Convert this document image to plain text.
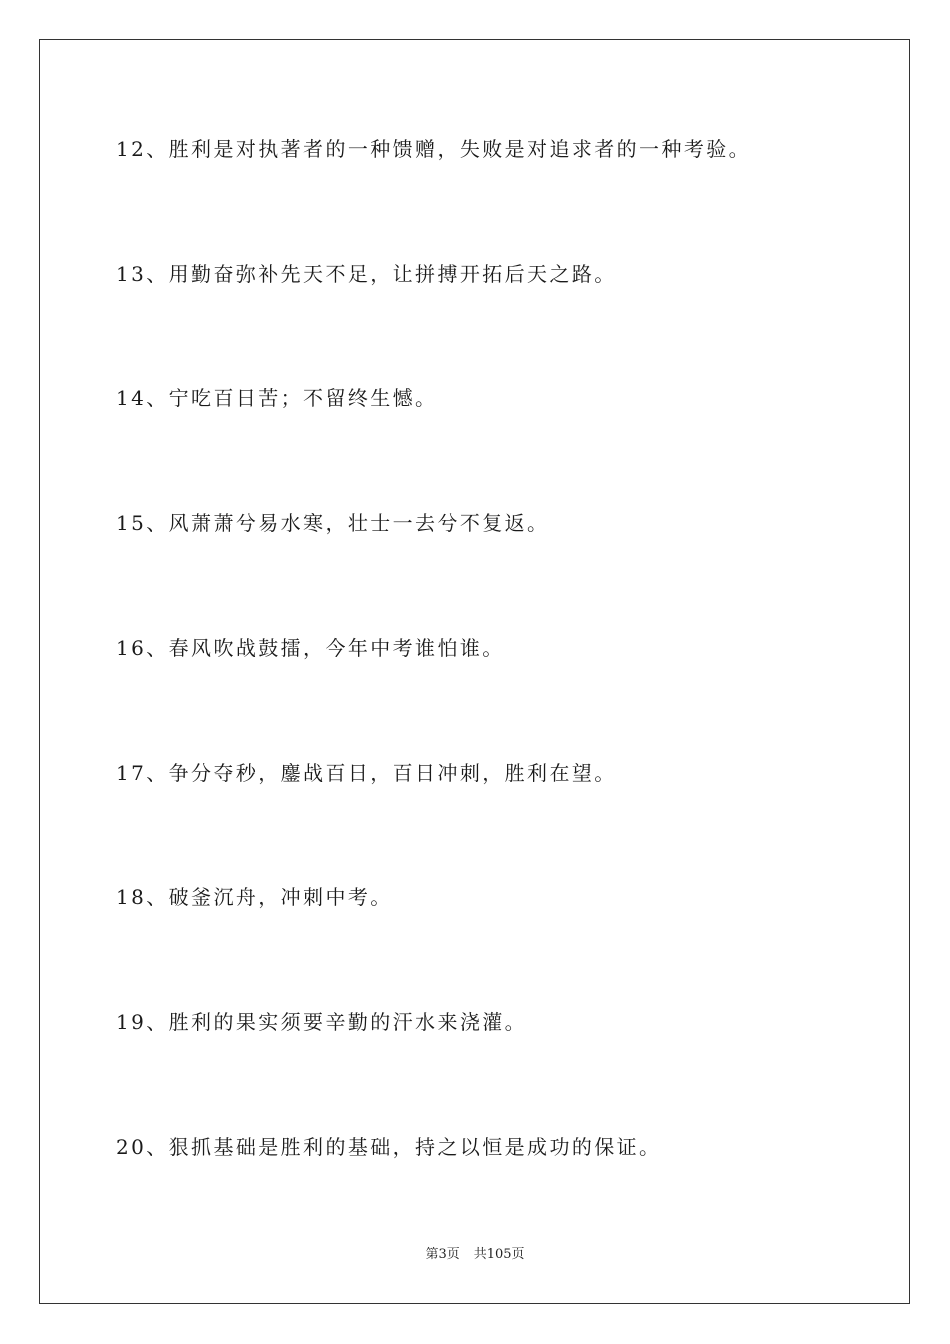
12、胜利是对执著者的一种馈赠，失败是对追求者的一种考验。
13、用勤奋弥补先天不足，让拼搏开拓后天之路。
14、宁吃百日苦；不留终生憾。
15、风萧萧兮易水寒，壮士一去兮不复返。
16、春风吹战鼓擂，今年中考谁怕谁。
17、争分夺秒，鏖战百日，百日冲刺，胜利在望。
18、破釜沉舟，冲刺中考。
19、胜利的果实须要辛勤的汗水来浇灌。
20、狠抓基础是胜利的基础，持之以恒是成功的保证。
第3页 共105页
